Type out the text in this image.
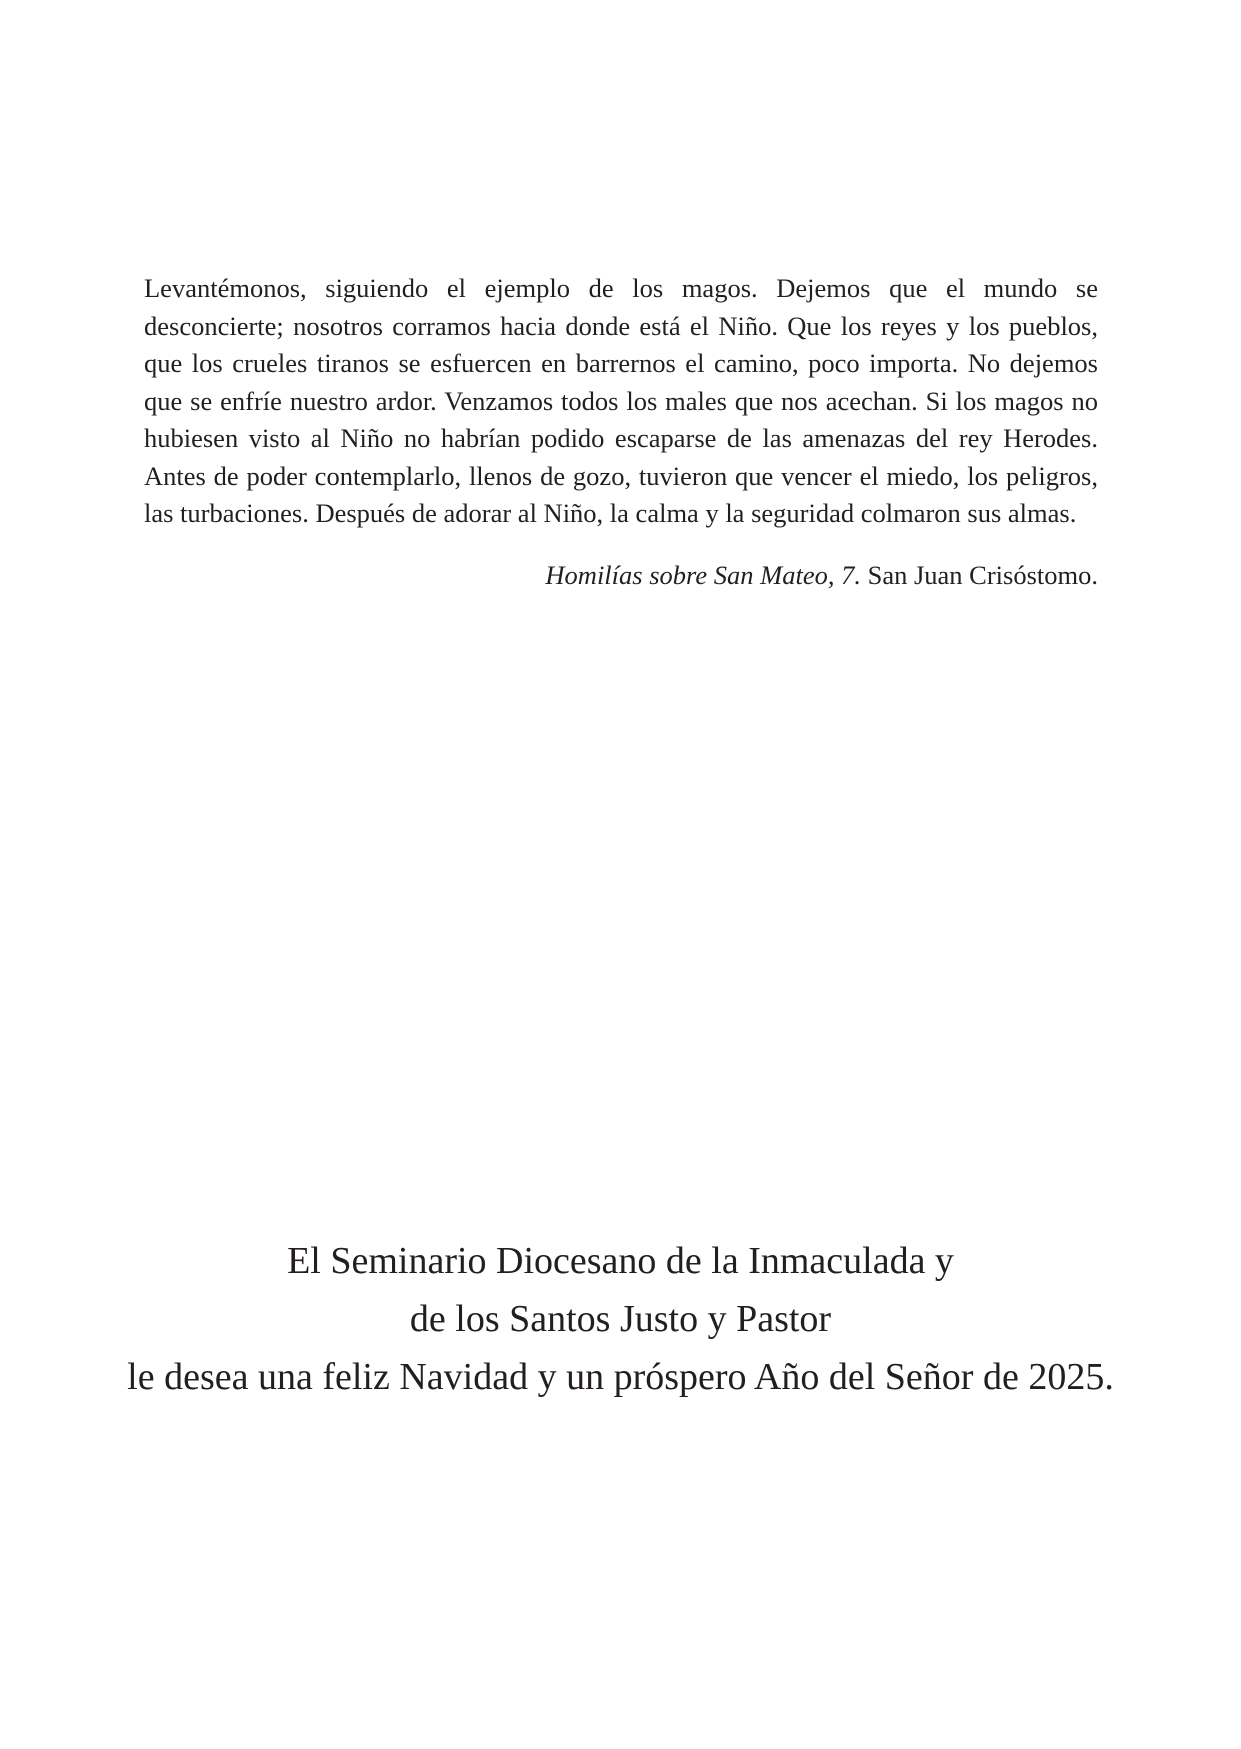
Levantémonos, siguiendo el ejemplo de los magos. Dejemos que el mundo se desconcierte; nosotros corramos hacia donde está el Niño. Que los reyes y los pueblos, que los crueles tiranos se esfuercen en barrernos el camino, poco importa. No dejemos que se enfríe nuestro ardor. Venzamos todos los males que nos acechan. Si los magos no hubiesen visto al Niño no habrían podido escaparse de las amenazas del rey Herodes. Antes de poder contemplarlo, llenos de gozo, tuvieron que vencer el miedo, los peligros, las turbaciones. Después de adorar al Niño, la calma y la seguridad colmaron sus almas.

Homilías sobre San Mateo, 7. San Juan Crisóstomo.

El Seminario Diocesano de la Inmaculada y
de los Santos Justo y Pastor
le desea una feliz Navidad y un próspero Año del Señor de 2025.
